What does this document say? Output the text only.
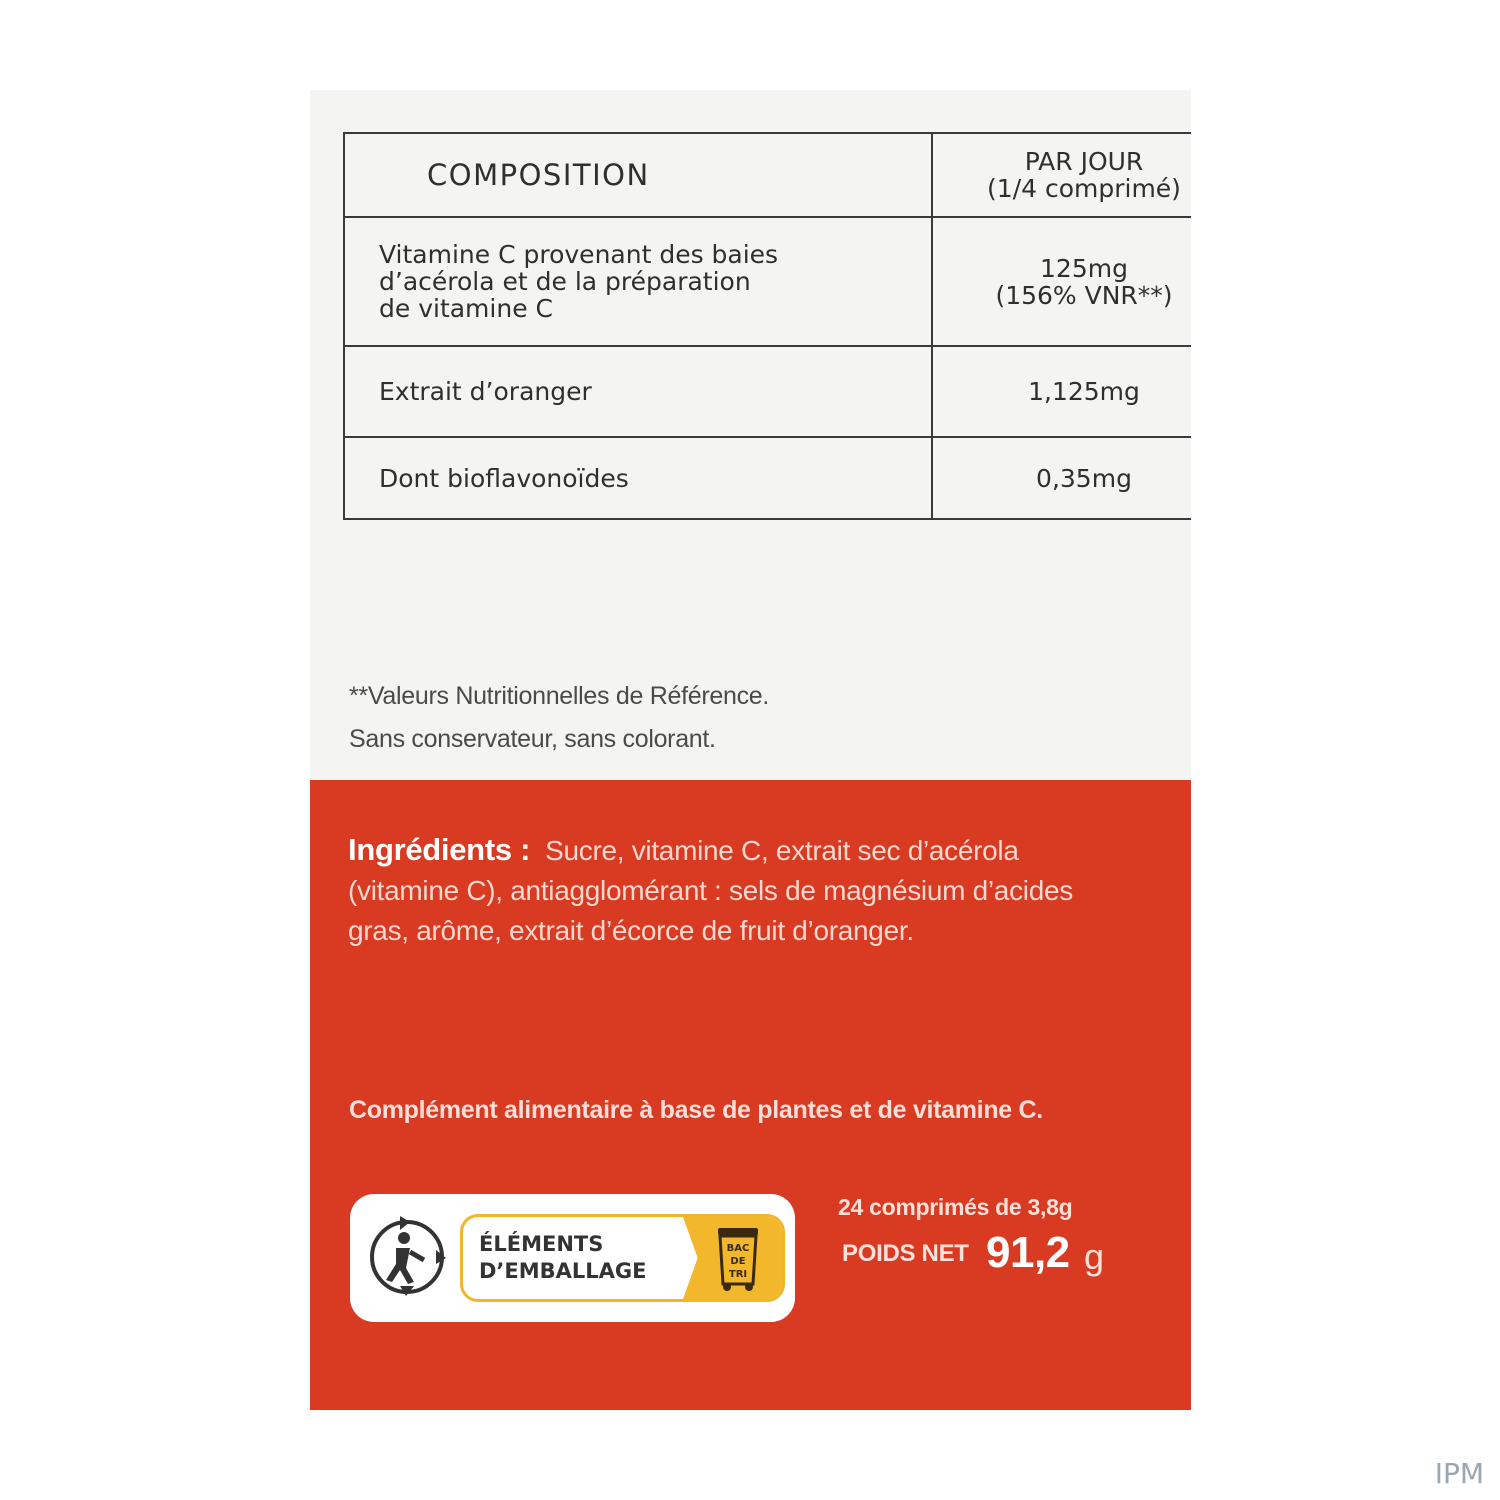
COMPOSITION	PAR JOUR
(1/4 comprimé)

Vitamine C provenant des baies
d’acérola et de la préparation
de vitamine C	125mg
(156% VNR**)

Extrait d’oranger	1,125mg

Dont bioflavonoïdes	0,35mg
**Valeurs Nutritionnelles de Référence.
Sans conservateur, sans colorant.
Ingrédients : Sucre, vitamine C, extrait sec d’acérola
(vitamine C), antiagglomérant : sels de magnésium d’acides
gras, arôme, extrait d’écorce de fruit d’oranger.
Complément alimentaire à base de plantes et de vitamine C.
ÉLÉMENTS
D’EMBALLAGE
BAC
DE
TRI
24 comprimés de 3,8g
POIDS NET 91,2 g
IPM
